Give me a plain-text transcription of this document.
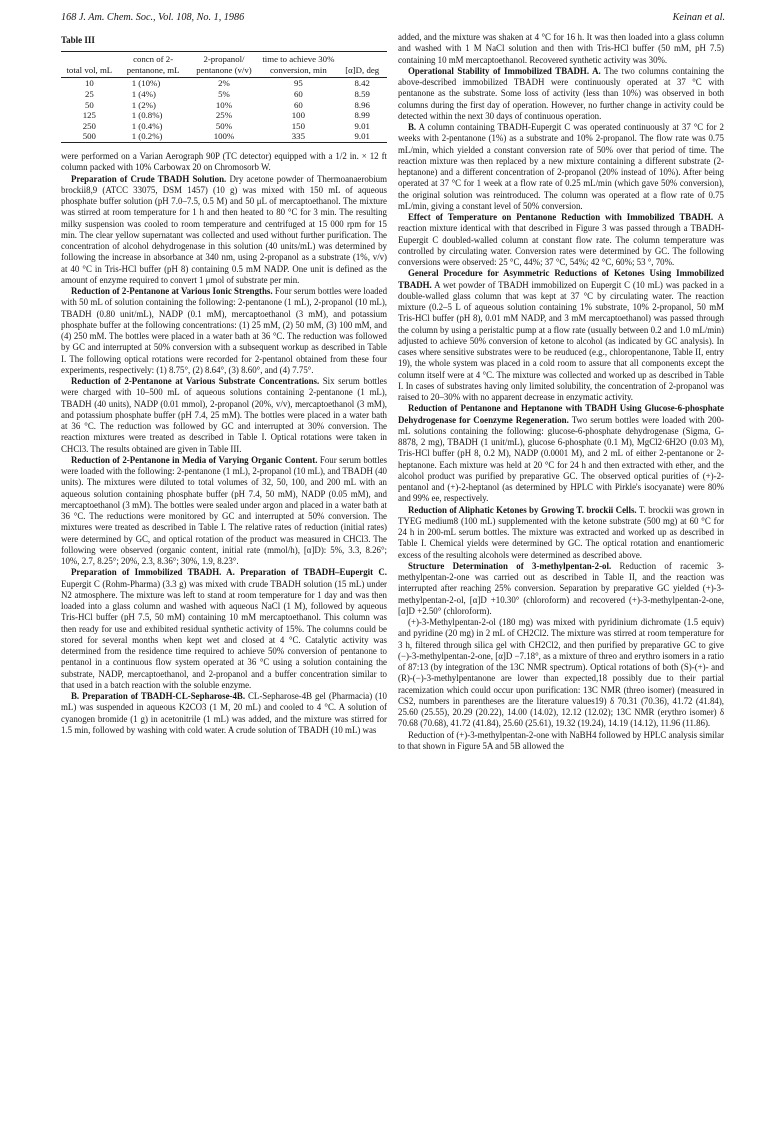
168 J. Am. Chem. Soc., Vol. 108, No. 1, 1986	Keinan et al.
Table III
total vol, mL	concn of 2-pentanone, mL	2-propanol/ pentanone (v/v)	time to achieve 30% conversion, min	[α]D, deg
10	1 (10%)	2%	95	8.42
25	1 (4%)	5%	60	8.59
50	1 (2%)	10%	60	8.96
125	1 (0.8%)	25%	100	8.99
250	1 (0.4%)	50%	150	9.01
500	1 (0.2%)	100%	335	9.01

were performed on a Varian Aerograph 90P (TC detector) equipped with a 1/2 in. × 12 ft column packed with 10% Carbowax 20 on Chromosorb W.

Preparation of Crude TBADH Solution. Dry acetone powder of Thermoanaerobium brockii8,9 (ATCC 33075, DSM 1457) (10 g) was mixed with 150 mL of aqueous phosphate buffer solution (pH 7.0–7.5, 0.5 M) and 50 μL of mercaptoethanol. The mixture was stirred at room temperature for 1 h and then heated to 80 °C for 3 min. The resulting milky suspension was cooled to room temperature and centrifuged at 15 000 rpm for 15 min. The clear yellow supernatant was collected and used without further purification. The concentration of alcohol dehydrogenase in this solution (40 units/mL) was determined by following the increase in absorbance at 340 nm, using 2-propanol as a substrate (1%, v/v) at 40 °C in Tris-HCl buffer (pH 8) containing 0.5 mM NADP. One unit is defined as the amount of enzyme required to convert 1 μmol of substrate per min.

Reduction of 2-Pentanone at Various Ionic Strengths. Four serum bottles were loaded with 50 mL of solution containing the following: 2-pentanone (1 mL), 2-propanol (10 mL), TBADH (0.80 unit/mL), NADP (0.1 mM), mercaptoethanol (3 mM), and potassium phosphate buffer at the following concentrations: (1) 25 mM, (2) 50 mM, (3) 100 mM, and (4) 250 mM. The bottles were placed in a water bath at 36 °C. The reduction was followed by GC and interrupted at 50% conversion with a subsequent workup as described in Table I. The following optical rotations were recorded for 2-pentanol obtained from these four experiments, respectively: (1) 8.75°, (2) 8.64°, (3) 8.60°, and (4) 7.75°.

Reduction of 2-Pentanone at Various Substrate Concentrations. Six serum bottles were charged with 10–500 mL of aqueous solutions containing 2-pentanone (1 mL), TBADH (40 units), NADP (0.01 mmol), 2-propanol (20%, v/v), mercaptoethanol (3 mM), and potassium phosphate buffer (pH 7.4, 25 mM). The bottles were placed in a water bath at 36 °C. The reduction was followed by GC and interrupted at 30% conversion. The reaction mixtures were treated as described in Table I. Optical rotations were taken in CHCl3. The results obtained are given in Table III.

Reduction of 2-Pentanone in Media of Varying Organic Content. Four serum bottles were loaded with the following: 2-pentanone (1 mL), 2-propanol (10 mL), and TBADH (40 units). The mixtures were diluted to total volumes of 32, 50, 100, and 200 mL with an aqueous solution containing phosphate buffer (pH 7.4, 50 mM), NADP (0.05 mM), and mercaptoethanol (3 mM). The bottles were sealed under argon and placed in a water bath at 36 °C. The reductions were monitored by GC and interrupted at 50% conversion. The mixtures were treated as described in Table I. The relative rates of reduction (initial rates) were determined by GC, and optical rotation of the product was measured in CHCl3. The following were observed (organic content, initial rate (mmol/h), [α]D): 5%, 3.3, 8.26°; 10%, 2.7, 8.25°; 20%, 2.3, 8.36°; 30%, 1.9, 8.23°.

Preparation of Immobilized TBADH. A. Preparation of TBADH–Eupergit C. Eupergit C (Rohm-Pharma) (3.3 g) was mixed with crude TBADH solution (15 mL) under N2 atmosphere. The mixture was left to stand at room temperature for 1 day and was then loaded into a glass column and washed with aqueous NaCl (1 M), followed by aqueous Tris-HCl buffer (pH 7.5, 50 mM) containing 10 mM mercaptoethanol. This column was then ready for use and exhibited residual synthetic activity of 15%. The columns could be stored for several months when kept wet and closed at 4 °C. Catalytic activity was determined from the residence time required to achieve 50% conversion of pentanone to pentanol in a continuous flow system operated at 36 °C using a solution containing the substrate, NADP, mercaptoethanol, and 2-propanol and a buffer concentration similar to that used in a batch reaction with the soluble enzyme.

B. Preparation of TBADH-CL-Sepharose-4B. CL-Sepharose-4B gel (Pharmacia) (10 mL) was suspended in aqueous K2CO3 (1 M, 20 mL) and cooled to 4 °C. A solution of cyanogen bromide (1 g) in acetonitrile (1 mL) was added, and the mixture was stirred for 1.5 min, followed by washing with cold water. A crude solution of TBADH (10 mL) was

added, and the mixture was shaken at 4 °C for 16 h. It was then loaded into a glass column and washed with 1 M NaCl solution and then with Tris-HCl buffer (50 mM, pH 7.5) containing 10 mM mercaptoethanol. Recovered synthetic activity was 30%.

Operational Stability of Immobilized TBADH. A. The two columns containing the above-described immobilized TBADH were continuously operated at 37 °C with pentanone as the substrate. Some loss of activity (less than 10%) was observed in both columns during the first day of operation. However, no further change in activity could be detected within the next 30 days of continuous operation.

B. A column containing TBADH-Eupergit C was operated continuously at 37 °C for 2 weeks with 2-pentanone (1%) as a substrate and 10% 2-propanol. The flow rate was 0.75 mL/min, which yielded a constant conversion rate of 50% over that period of time. The reaction mixture was then replaced by a new mixture containing a different substrate (2-heptanone) and a different concentration of 2-propanol (20% instead of 10%). After being operated at 37 °C for 1 week at a flow rate of 0.25 mL/min (which gave 50% conversion), the original solution was reintroduced. The column was operated at a flow rate of 0.75 mL/min, giving a constant level of 50% conversion.

Effect of Temperature on Pentanone Reduction with Immobilized TBADH. A reaction mixture identical with that described in Figure 3 was passed through a TBADH-Eupergit C doubled-walled column at constant flow rate. The column temperature was controlled by circulating water. Conversion rates were determined by GC. The following conversions were observed: 25 °C, 44%; 37 °C, 54%; 42 °C, 60%; 53 °, 70%.

General Procedure for Asymmetric Reductions of Ketones Using Immobilized TBADH. A wet powder of TBADH immobilized on Eupergit C (10 mL) was packed in a double-walled glass column that was kept at 37 °C by circulating water. The reaction mixture (0.2–5 L of aqueous solution containing 1% substrate, 10% 2-propanol, 50 mM Tris-HCl buffer (pH 8), 0.01 mM NADP, and 3 mM mercaptoethanol) was passed through the column by using a peristaltic pump at a flow rate (usually between 0.2 and 1.0 mL/min) adjusted to achieve 50% conversion of ketone to alcohol (as indicated by GC analysis). In cases where sensitive substrates were to be reuduced (e.g., chloropentanone, Table II, entry 19), the whole system was placed in a cold room to assure that all components except the column itself were at 4 °C. The mixture was collected and worked up as described in Table I. In cases of substrates having only limited solubility, the concentration of 2-propanol was raised to 20–30% with no apparent decrease in enzymatic activity.

Reduction of Pentanone and Heptanone with TBADH Using Glucose-6-phosphate Dehydrogenase for Coenzyme Regeneration. Two serum bottles were loaded with 200-mL solutions containing the following: glucose-6-phosphate dehydrogenase (Sigma, G-8878, 2 mg), TBADH (1 unit/mL), glucose 6-phosphate (0.1 M), MgCl2·6H2O (0.03 M), Tris-HCl buffer (pH 8, 0.2 M), NADP (0.0001 M), and 2 mL of either 2-pentanone or 2-heptanone. Each mixture was held at 20 °C for 24 h and then extracted with ether, and the alcohol product was purified by preparative GC. The observed optical purities of (+)-2-pentanol and (+)-2-heptanol (as determined by HPLC with Pirkle's isocyanate) were 80% and 99% ee, respectively.

Reduction of Aliphatic Ketones by Growing T. brockii Cells. T. brockii was grown in TYEG medium8 (100 mL) supplemented with the ketone substrate (500 mg) at 60 °C for 24 h in 200-mL serum bottles. The mixture was extracted and worked up as described in Table I. Chemical yields were determined by GC. The optical rotation and enantiomeric excess of the resulting alcohols were determined as described above.

Structure Determination of 3-methylpentan-2-ol. Reduction of racemic 3-methylpentan-2-one was carried out as described in Table II, and the reaction was interrupted after reaching 25% conversion. Separation by preparative GC yielded (+)-3-methylpentan-2-ol, [α]D +10.30° (chloroform) and recovered (+)-3-methylpentan-2-one, [α]D +2.50° (chloroform).

(+)-3-Methylpentan-2-ol (180 mg) was mixed with pyridinium dichromate (1.5 equiv) and pyridine (20 mg) in 2 mL of CH2Cl2. The mixture was stirred at room temperature for 3 h, filtered through silica gel with CH2Cl2, and then purified by preparative GC to give (−)-3-methylpentan-2-one, [α]D −7.18°, as a mixture of threo and erythro isomers in a ratio of 87:13 (by integration of the 13C NMR spectrum). Optical rotations of both (S)-(+)- and (R)-(−)-3-methylpentanone are lower than expected,18 possibly due to their partial racemization which could occur upon purification: 13C NMR (threo isomer) (measured in CS2, numbers in parentheses are the literature values19) δ 70.31 (70.36), 41.72 (41.84), 25.60 (25.55), 20.29 (20.22), 14.00 (14.02), 12.12 (12.02); 13C NMR (erythro isomer) δ 70.68 (70.68), 41.72 (41.84), 25.60 (25.61), 19.32 (19.24), 14.19 (14.12), 11.96 (11.86).

Reduction of (+)-3-methylpentan-2-one with NaBH4 followed by HPLC analysis similar to that shown in Figure 5A and 5B allowed the
